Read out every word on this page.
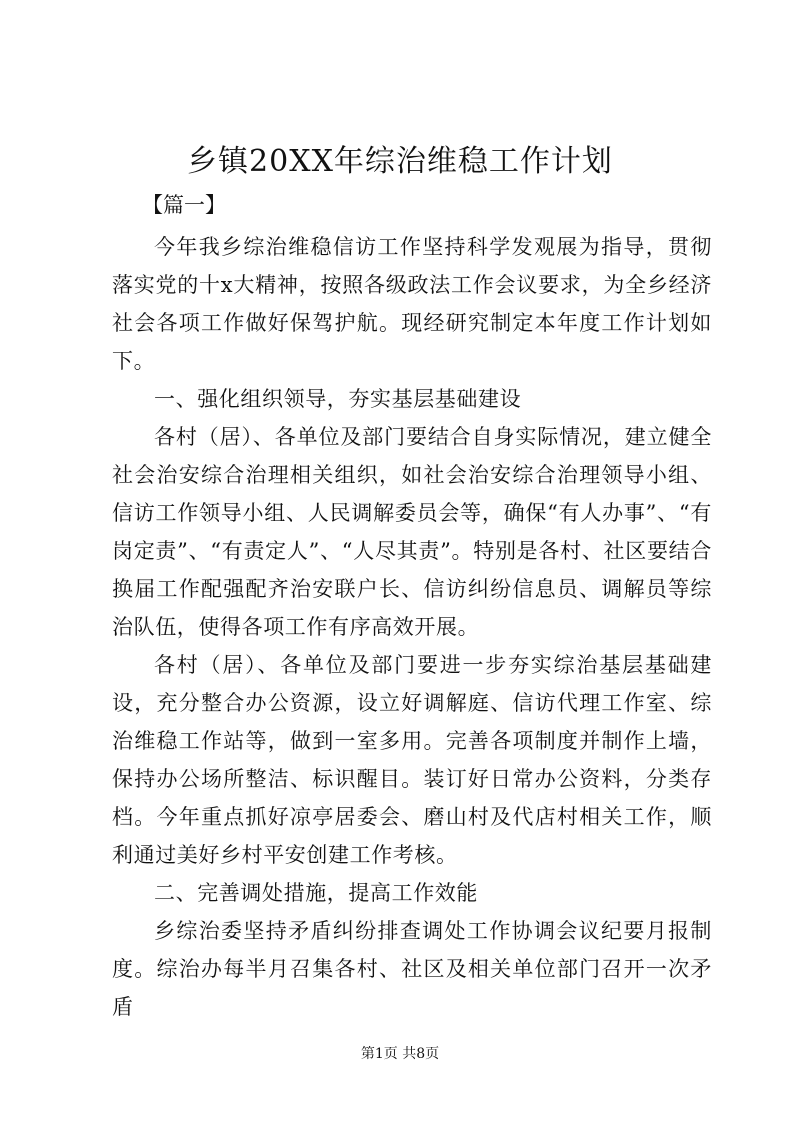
乡镇20XX年综治维稳工作计划
【篇一】

今年我乡综治维稳信访工作坚持科学发观展为指导，贯彻落实党的十x大精神，按照各级政法工作会议要求，为全乡经济社会各项工作做好保驾护航。现经研究制定本年度工作计划如下。

一、强化组织领导，夯实基层基础建设

各村（居）、各单位及部门要结合自身实际情况，建立健全社会治安综合治理相关组织，如社会治安综合治理领导小组、信访工作领导小组、人民调解委员会等，确保“有人办事”、“有岗定责”、“有责定人”、“人尽其责”。特别是各村、社区要结合换届工作配强配齐治安联户长、信访纠纷信息员、调解员等综治队伍，使得各项工作有序高效开展。

各村（居）、各单位及部门要进一步夯实综治基层基础建设，充分整合办公资源，设立好调解庭、信访代理工作室、综治维稳工作站等，做到一室多用。完善各项制度并制作上墙，保持办公场所整洁、标识醒目。装订好日常办公资料，分类存档。今年重点抓好凉亭居委会、磨山村及代店村相关工作，顺利通过美好乡村平安创建工作考核。

二、完善调处措施，提高工作效能

乡综治委坚持矛盾纠纷排查调处工作协调会议纪要月报制度。综治办每半月召集各村、社区及相关单位部门召开一次矛盾

第1页 共8页
